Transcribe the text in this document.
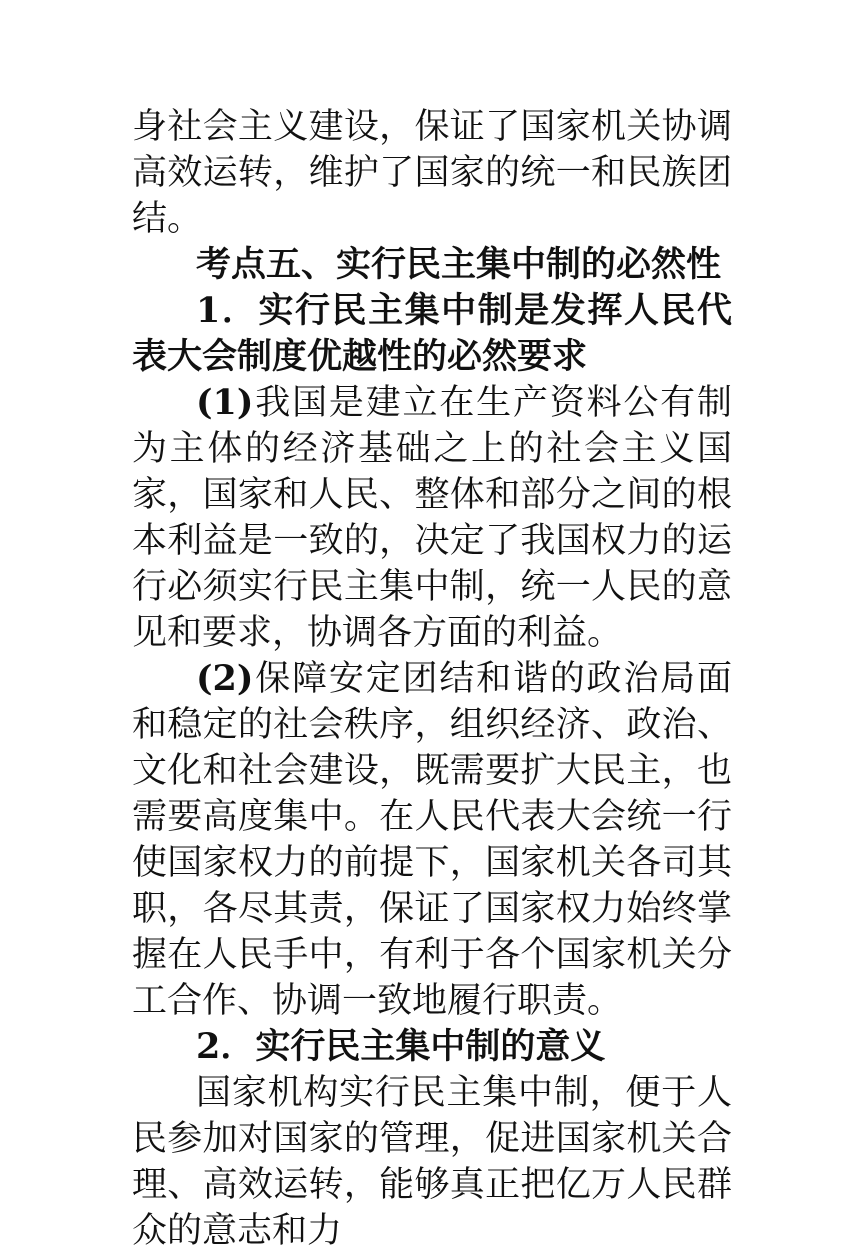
身社会主义建设，保证了国家机关协调高效运转，维护了国家的统一和民族团结。

考点五、实行民主集中制的必然性

1．实行民主集中制是发挥人民代表大会制度优越性的必然要求

(1)我国是建立在生产资料公有制为主体的经济基础之上的社会主义国家，国家和人民、整体和部分之间的根本利益是一致的，决定了我国权力的运行必须实行民主集中制，统一人民的意见和要求，协调各方面的利益。

(2)保障安定团结和谐的政治局面和稳定的社会秩序，组织经济、政治、文化和社会建设，既需要扩大民主，也需要高度集中。在人民代表大会统一行使国家权力的前提下，国家机关各司其职，各尽其责，保证了国家权力始终掌握在人民手中，有利于各个国家机关分工合作、协调一致地履行职责。

2．实行民主集中制的意义

国家机构实行民主集中制，便于人民参加对国家的管理，促进国家机关合理、高效运转，能够真正把亿万人民群众的意志和力
